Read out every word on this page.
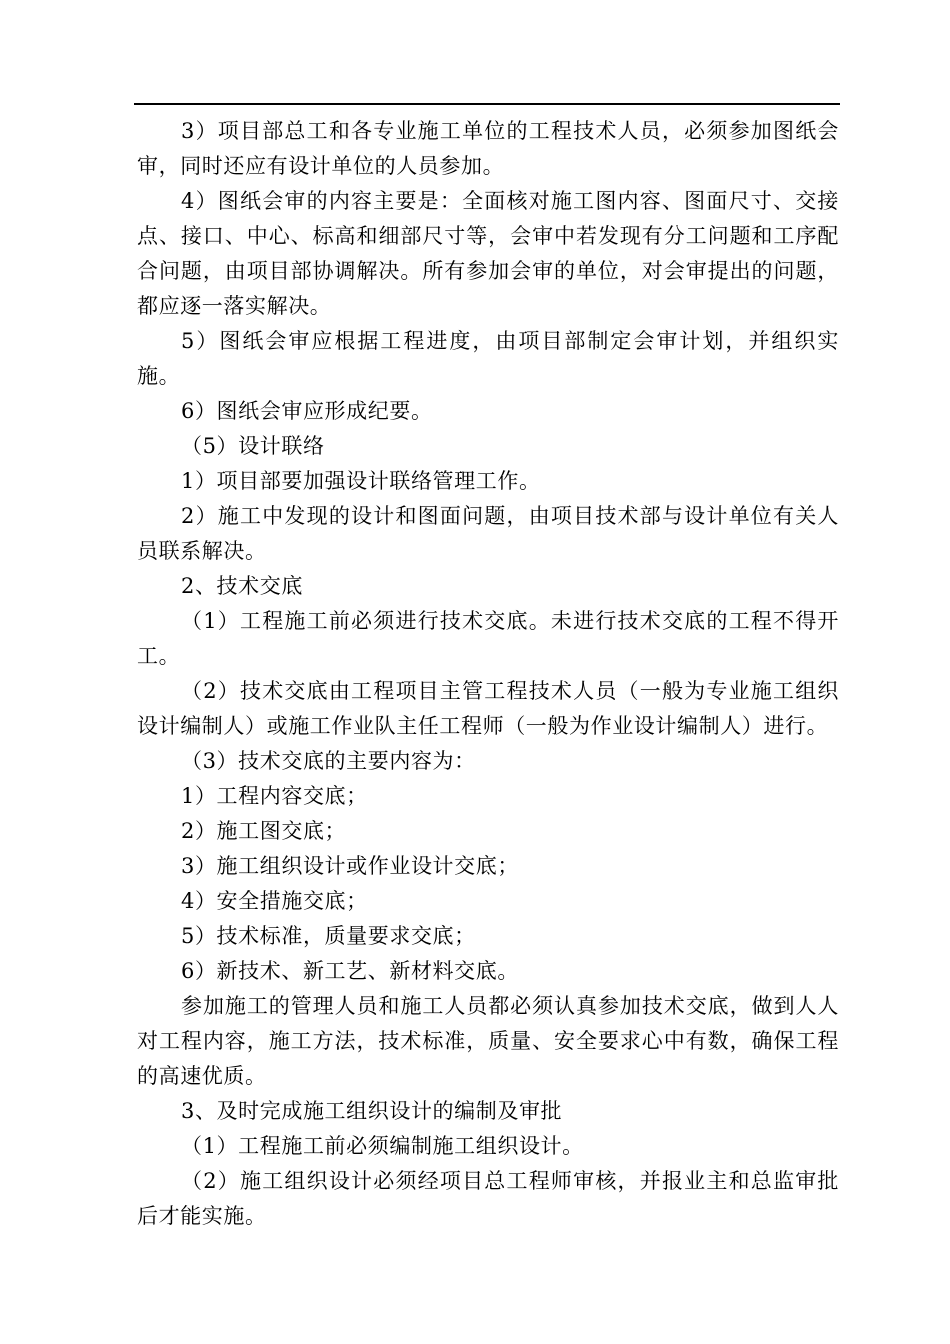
3）项目部总工和各专业施工单位的工程技术人员，必须参加图纸会审，同时还应有设计单位的人员参加。

4）图纸会审的内容主要是：全面核对施工图内容、图面尺寸、交接点、接口、中心、标高和细部尺寸等，会审中若发现有分工问题和工序配合问题，由项目部协调解决。所有参加会审的单位，对会审提出的问题，都应逐一落实解决。

5）图纸会审应根据工程进度，由项目部制定会审计划，并组织实施。

6）图纸会审应形成纪要。

（5）设计联络

1）项目部要加强设计联络管理工作。

2）施工中发现的设计和图面问题，由项目技术部与设计单位有关人员联系解决。

2、技术交底

（1）工程施工前必须进行技术交底。未进行技术交底的工程不得开工。

（2）技术交底由工程项目主管工程技术人员（一般为专业施工组织设计编制人）或施工作业队主任工程师（一般为作业设计编制人）进行。

（3）技术交底的主要内容为：

1）工程内容交底；

2）施工图交底；

3）施工组织设计或作业设计交底；

4）安全措施交底；

5）技术标准，质量要求交底；

6）新技术、新工艺、新材料交底。

参加施工的管理人员和施工人员都必须认真参加技术交底，做到人人对工程内容，施工方法，技术标准，质量、安全要求心中有数，确保工程的高速优质。

3、及时完成施工组织设计的编制及审批

（1）工程施工前必须编制施工组织设计。

（2）施工组织设计必须经项目总工程师审核，并报业主和总监审批后才能实施。
